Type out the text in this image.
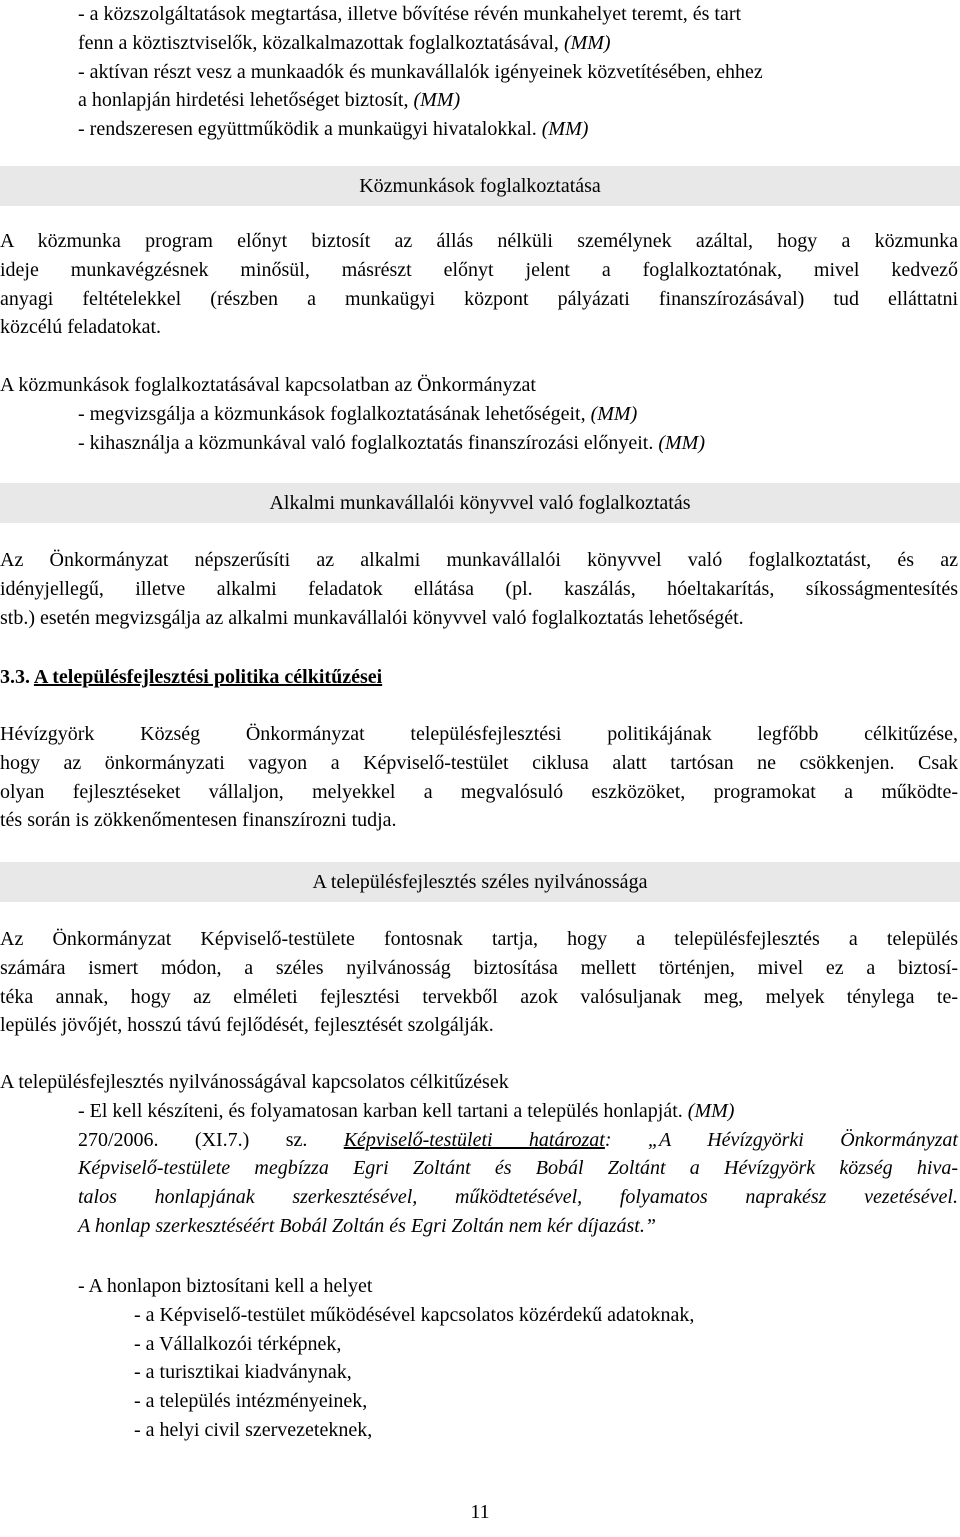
- a közszolgáltatások megtartása, illetve bővítése révén munkahelyet teremt, és tart
fenn a köztisztviselők, közalkalmazottak foglalkoztatásával, (MM)
- aktívan részt vesz a munkaadók és munkavállalók igényeinek közvetítésében, ehhez
a honlapján hirdetési lehetőséget biztosít, (MM)
- rendszeresen együttműködik a munkaügyi hivatalokkal. (MM)
Közmunkások foglalkoztatása
A közmunka program előnyt biztosít az állás nélküli személynek azáltal, hogy a közmunka
ideje munkavégzésnek minősül, másrészt előnyt jelent a foglalkoztatónak, mivel kedvező
anyagi feltételekkel (részben a munkaügyi központ pályázati finanszírozásával) tud elláttatni
közcélú feladatokat.
A közmunkások foglalkoztatásával kapcsolatban az Önkormányzat
- megvizsgálja a közmunkások foglalkoztatásának lehetőségeit, (MM)
- kihasználja a közmunkával való foglalkoztatás finanszírozási előnyeit. (MM)
Alkalmi munkavállalói könyvvel való foglalkoztatás
Az Önkormányzat népszerűsíti az alkalmi munkavállalói könyvvel való foglalkoztatást, és az
idényjellegű, illetve alkalmi feladatok ellátása (pl. kaszálás, hóeltakarítás, síkosságmentesítés
stb.) esetén megvizsgálja az alkalmi munkavállalói könyvvel való foglalkoztatás lehetőségét.
3.3. A településfejlesztési politika célkitűzései
Hévízgyörk Község Önkormányzat településfejlesztési politikájának legfőbb célkitűzése,
hogy az önkormányzati vagyon a Képviselő-testület ciklusa alatt tartósan ne csökkenjen. Csak
olyan fejlesztéseket vállaljon, melyekkel a megvalósuló eszközöket, programokat a működte-
tés során is zökkenőmentesen finanszírozni tudja.
A településfejlesztés széles nyilvánossága
Az Önkormányzat Képviselő-testülete fontosnak tartja, hogy a településfejlesztés a település
számára ismert módon, a széles nyilvánosság biztosítása mellett történjen, mivel ez a biztosí-
téka annak, hogy az elméleti fejlesztési tervekből azok valósuljanak meg, melyek ténylegа te-
lepülés jövőjét, hosszú távú fejlődését, fejlesztését szolgálják.
A településfejlesztés nyilvánosságával kapcsolatos célkitűzések
- El kell készíteni, és folyamatosan karban kell tartani a település honlapját. (MM)
270/2006. (XI.7.) sz. Képviselő-testületi határozat: „A Hévízgyörki Önkormányzat
Képviselő-testülete megbízza Egri Zoltánt és Bobál Zoltánt a Hévízgyörk község hiva-
talos honlapjának szerkesztésével, működtetésével, folyamatos naprakész vezetésével.
A honlap szerkesztéséért Bobál Zoltán és Egri Zoltán nem kér díjazást.”
- A honlapon biztosítani kell a helyet
- a Képviselő-testület működésével kapcsolatos közérdekű adatoknak,
- a Vállalkozói térképnek,
- a turisztikai kiadványnak,
- a település intézményeinek,
- a helyi civil szervezeteknek,
11
